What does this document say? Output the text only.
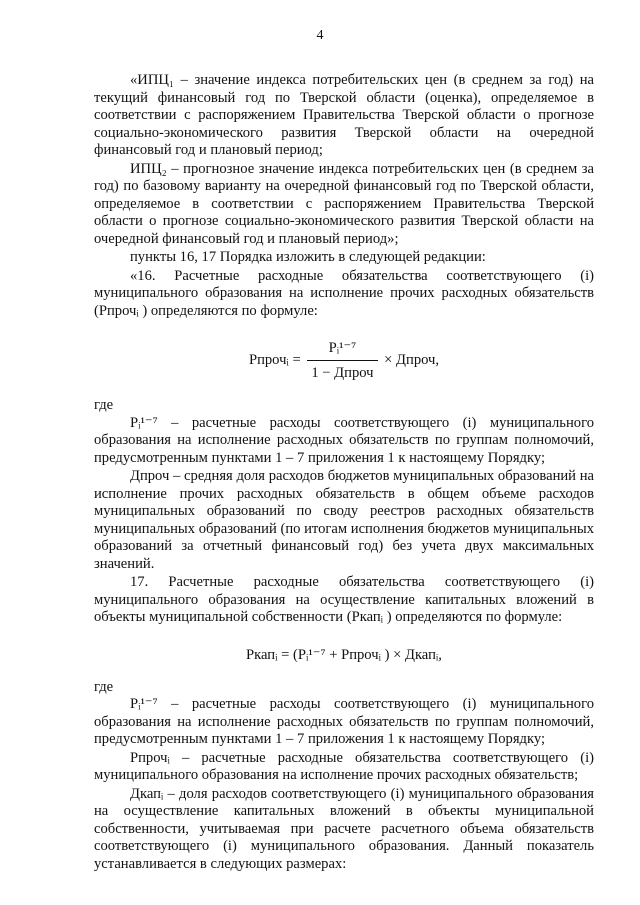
4

«ИПЦ₁ – значение индекса потребительских цен (в среднем за год) на текущий финансовый год по Тверской области (оценка), определяемое в соответствии с распоряжением Правительства Тверской области о прогнозе социально-экономического развития Тверской области на очередной финансовый год и плановый период;

ИПЦ₂ – прогнозное значение индекса потребительских цен (в среднем за год) по базовому варианту на очередной финансовый год по Тверской области, определяемое в соответствии с распоряжением Правительства Тверской области о прогнозе социально-экономического развития Тверской области на очередной финансовый год и плановый период»;

пункты 16, 17 Порядка изложить в следующей редакции:

«16. Расчетные расходные обязательства соответствующего (i) муниципального образования на исполнение прочих расходных обязательств (Рпрочᵢ ) определяются по формуле:

Рпрочᵢ = $\frac{\text{Pᵢ¹⁻⁷}}{\text{1 − Дпроч}}$ × Дпроч,

где

Pᵢ¹⁻⁷ – расчетные расходы соответствующего (i) муниципального образования на исполнение расходных обязательств по группам полномочий, предусмотренным пунктами 1 – 7 приложения 1 к настоящему Порядку;

Дпроч – средняя доля расходов бюджетов муниципальных образований на исполнение прочих расходных обязательств в общем объеме расходов муниципальных образований по своду реестров расходных обязательств муниципальных образований (по итогам исполнения бюджетов муниципальных образований за отчетный финансовый год) без учета двух максимальных значений.

17. Расчетные расходные обязательства соответствующего (i) муниципального образования на осуществление капитальных вложений в объекты муниципальной собственности (Ркапᵢ ) определяются по формуле:

Ркапᵢ = (Pᵢ¹⁻⁷ + Рпрочᵢ ) × Дкапᵢ,

где

Pᵢ¹⁻⁷ – расчетные расходы соответствующего (i) муниципального образования на исполнение расходных обязательств по группам полномочий, предусмотренным пунктами 1 – 7 приложения 1 к настоящему Порядку;

Рпрочᵢ – расчетные расходные обязательства соответствующего (i) муниципального образования на исполнение прочих расходных обязательств;

Дкапᵢ – доля расходов соответствующего (i) муниципального образования на осуществление капитальных вложений в объекты муниципальной собственности, учитываемая при расчете расчетного объема обязательств соответствующего (i) муниципального образования. Данный показатель устанавливается в следующих размерах:
